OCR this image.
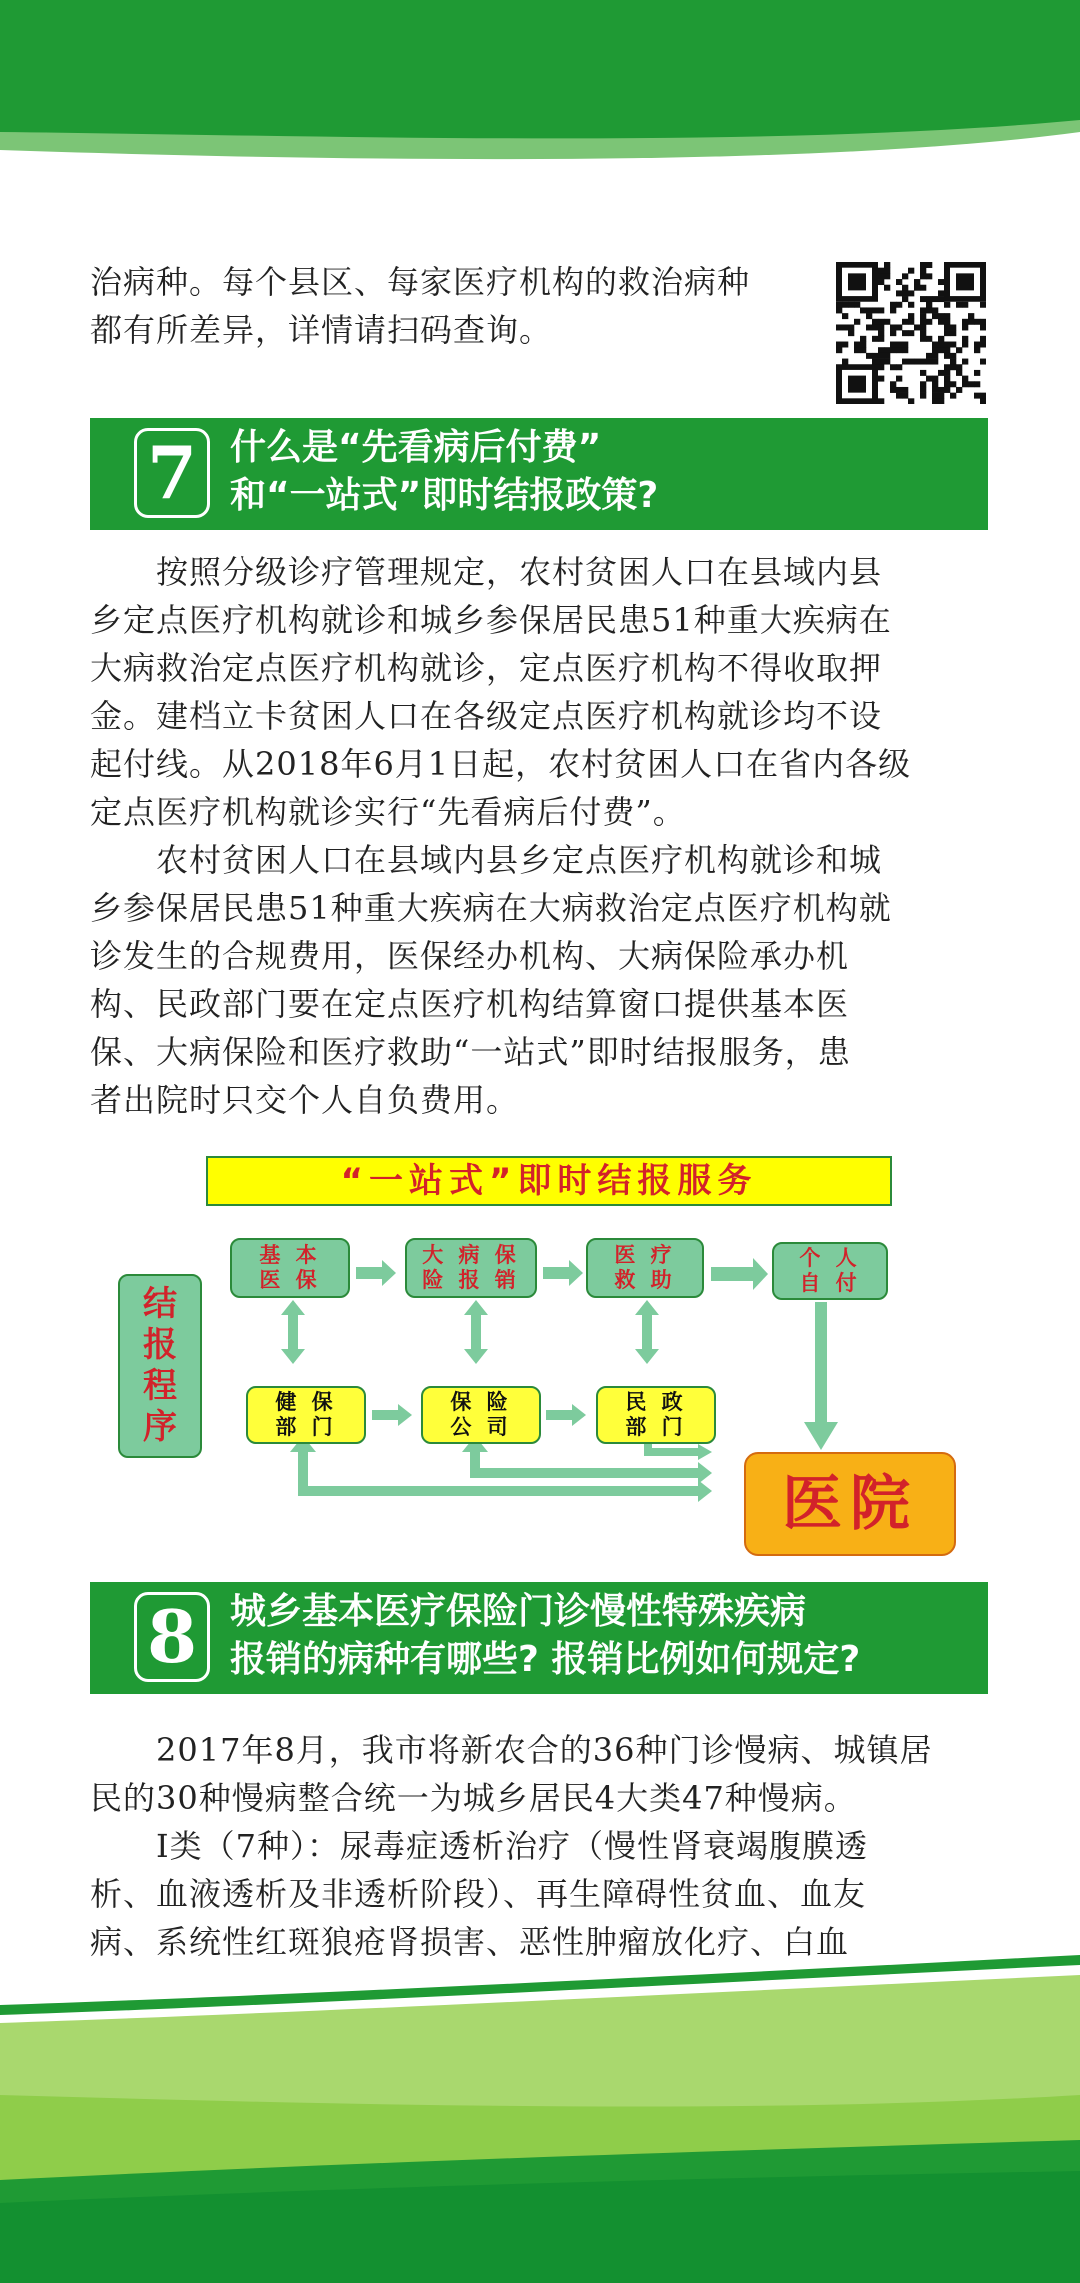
治病种。每个县区、每家医疗机构的救治病种
都有所差异，详情请扫码查询。

7 什么是“先看病后付费”
和“一站式”即时结报政策?

　　按照分级诊疗管理规定，农村贫困人口在县域内县
乡定点医疗机构就诊和城乡参保居民患51种重大疾病在
大病救治定点医疗机构就诊，定点医疗机构不得收取押
金。建档立卡贫困人口在各级定点医疗机构就诊均不设
起付线。从2018年6月1日起，农村贫困人口在省内各级
定点医疗机构就诊实行“先看病后付费”。

　　农村贫困人口在县域内县乡定点医疗机构就诊和城
乡参保居民患51种重大疾病在大病救治定点医疗机构就
诊发生的合规费用，医保经办机构、大病保险承办机
构、民政部门要在定点医疗机构结算窗口提供基本医
保、大病保险和医疗救助“一站式”即时结报服务，患
者出院时只交个人自负费用。

“一站式”即时结报服务
结
报
程
序
基 本
医 保
大 病 保
险 报 销
医 疗
救 助
个 人
自 付
健 保
部 门
保 险
公 司
民 政
部 门
医院
8 城乡基本医疗保险门诊慢性特殊疾病
报销的病种有哪些? 报销比例如何规定?

　　2017年8月，我市将新农合的36种门诊慢病、城镇居
民的30种慢病整合统一为城乡居民4大类47种慢病。

　　Ⅰ类（7种）：尿毒症透析治疗（慢性肾衰竭腹膜透
析、血液透析及非透析阶段）、再生障碍性贫血、血友
病、系统性红斑狼疮肾损害、恶性肿瘤放化疗、白血
